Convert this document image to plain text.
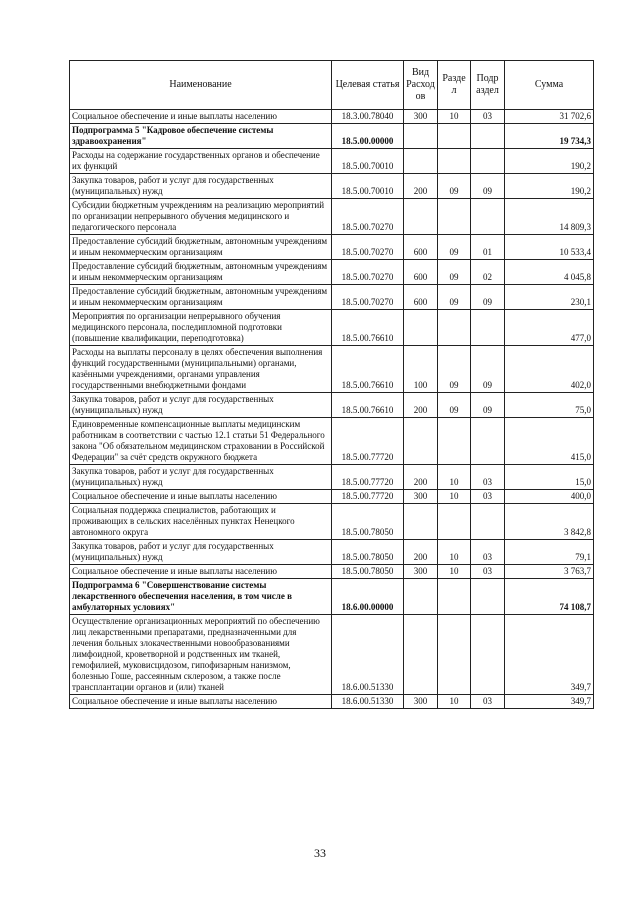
Наименование	Целевая статья	Вид Расход ов	Разде л	Подр аздел	Сумма
Социальное обеспечение и иные выплаты населению	18.3.00.78040	300	10	03	31 702,6
Подпрограмма 5 "Кадровое обеспечение системы здравоохранения"	18.5.00.00000				19 734,3
Расходы на содержание государственных органов и обеспечение их функций	18.5.00.70010				190,2
Закупка товаров, работ и услуг для государственных (муниципальных) нужд	18.5.00.70010	200	09	09	190,2
Субсидии бюджетным учреждениям на реализацию мероприятий по организации непрерывного обучения медицинского и педагогического персонала	18.5.00.70270				14 809,3
Предоставление субсидий бюджетным, автономным учреждениям и иным некоммерческим организациям	18.5.00.70270	600	09	01	10 533,4
Предоставление субсидий бюджетным, автономным учреждениям и иным некоммерческим организациям	18.5.00.70270	600	09	02	4 045,8
Предоставление субсидий бюджетным, автономным учреждениям и иным некоммерческим организациям	18.5.00.70270	600	09	09	230,1
Мероприятия по организации непрерывного обучения медицинского персонала, последипломной подготовки (повышение квалификации, переподготовка)	18.5.00.76610				477,0
Расходы на выплаты персоналу в целях обеспечения выполнения функций государственными (муниципальными) органами, казёнными учреждениями, органами управления государственными внебюджетными фондами	18.5.00.76610	100	09	09	402,0
Закупка товаров, работ и услуг для государственных (муниципальных) нужд	18.5.00.76610	200	09	09	75,0
Единовременные компенсационные выплаты медицинским работникам в соответствии с частью 12.1 статьи 51 Федерального закона "Об обязательном медицинском страховании в Российской Федерации" за счёт средств окружного бюджета	18.5.00.77720				415,0
Закупка товаров, работ и услуг для государственных (муниципальных) нужд	18.5.00.77720	200	10	03	15,0
Социальное обеспечение и иные выплаты населению	18.5.00.77720	300	10	03	400,0
Социальная поддержка специалистов, работающих и проживающих в сельских населённых пунктах Ненецкого автономного округа	18.5.00.78050				3 842,8
Закупка товаров, работ и услуг для государственных (муниципальных) нужд	18.5.00.78050	200	10	03	79,1
Социальное обеспечение и иные выплаты населению	18.5.00.78050	300	10	03	3 763,7
Подпрограмма 6 "Совершенствование системы лекарственного обеспечения населения, в том числе в амбулаторных условиях"	18.6.00.00000				74 108,7
Осуществление организационных мероприятий по обеспечению лиц лекарственными препаратами, предназначенными для лечения больных злокачественными новообразованиями лимфоидной, кроветворной и родственных им тканей, гемофилией, муковисцидозом, гипофизарным нанизмом, болезнью Гоше, рассеянным склерозом, а также после трансплантации органов и (или) тканей	18.6.00.51330				349,7
Социальное обеспечение и иные выплаты населению	18.6.00.51330	300	10	03	349,7
33
